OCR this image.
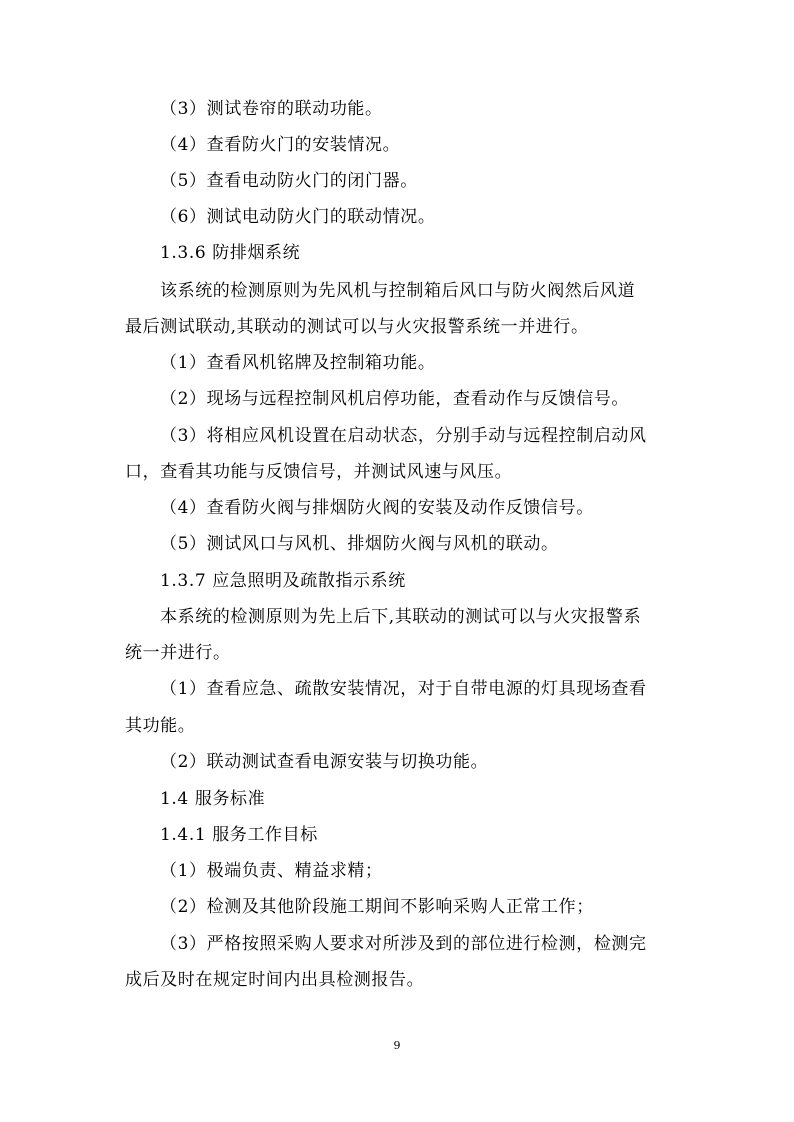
（3）测试卷帘的联动功能。
（4）查看防火门的安装情况。
（5）查看电动防火门的闭门器。
（6）测试电动防火门的联动情况。
1.3.6 防排烟系统
该系统的检测原则为先风机与控制箱后风口与防火阀然后风道
最后测试联动,其联动的测试可以与火灾报警系统一并进行。
（1）查看风机铭牌及控制箱功能。
（2）现场与远程控制风机启停功能，查看动作与反馈信号。
（3）将相应风机设置在启动状态，分别手动与远程控制启动风
口，查看其功能与反馈信号，并测试风速与风压。
（4）查看防火阀与排烟防火阀的安装及动作反馈信号。
（5）测试风口与风机、排烟防火阀与风机的联动。
1.3.7 应急照明及疏散指示系统
本系统的检测原则为先上后下,其联动的测试可以与火灾报警系
统一并进行。
（1）查看应急、疏散安装情况，对于自带电源的灯具现场查看
其功能。
（2）联动测试查看电源安装与切换功能。
1.4 服务标准
1.4.1 服务工作目标
（1）极端负责、精益求精；
（2）检测及其他阶段施工期间不影响采购人正常工作；
（3）严格按照采购人要求对所涉及到的部位进行检测，检测完
成后及时在规定时间内出具检测报告。
9
